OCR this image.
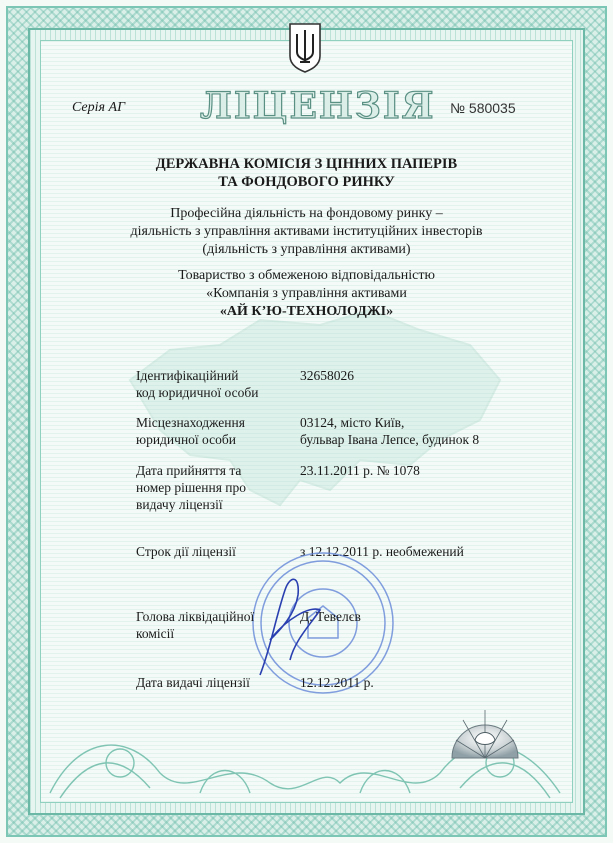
Серія АГ ЛІЦЕНЗІЯ № 580035
ДЕРЖАВНА КОМІСІЯ З ЦІННИХ ПАПЕРІВ
ТА ФОНДОВОГО РИНКУ
Професійна діяльність на фондовому ринку –
діяльність з управління активами інституційних інвесторів
(діяльність з управління активами)
Товариство з обмеженою відповідальністю
«Компанія з управління активами
«АЙ К’Ю-ТЕХНОЛОДЖІ»
Ідентифікаційний
код юридичної особи
32658026
Місцезнаходження
юридичної особи
03124, місто Київ,
бульвар Івана Лепсе, будинок 8
Дата прийняття та
номер рішення про
видачу ліцензії
23.11.2011 р. № 1078
Строк дії ліцензії	з 12.12.2011 р. необмежений
Голова ліквідаційної
комісії
Д. Тевелєв
Дата видачі ліцензії	12.12.2011 р.
